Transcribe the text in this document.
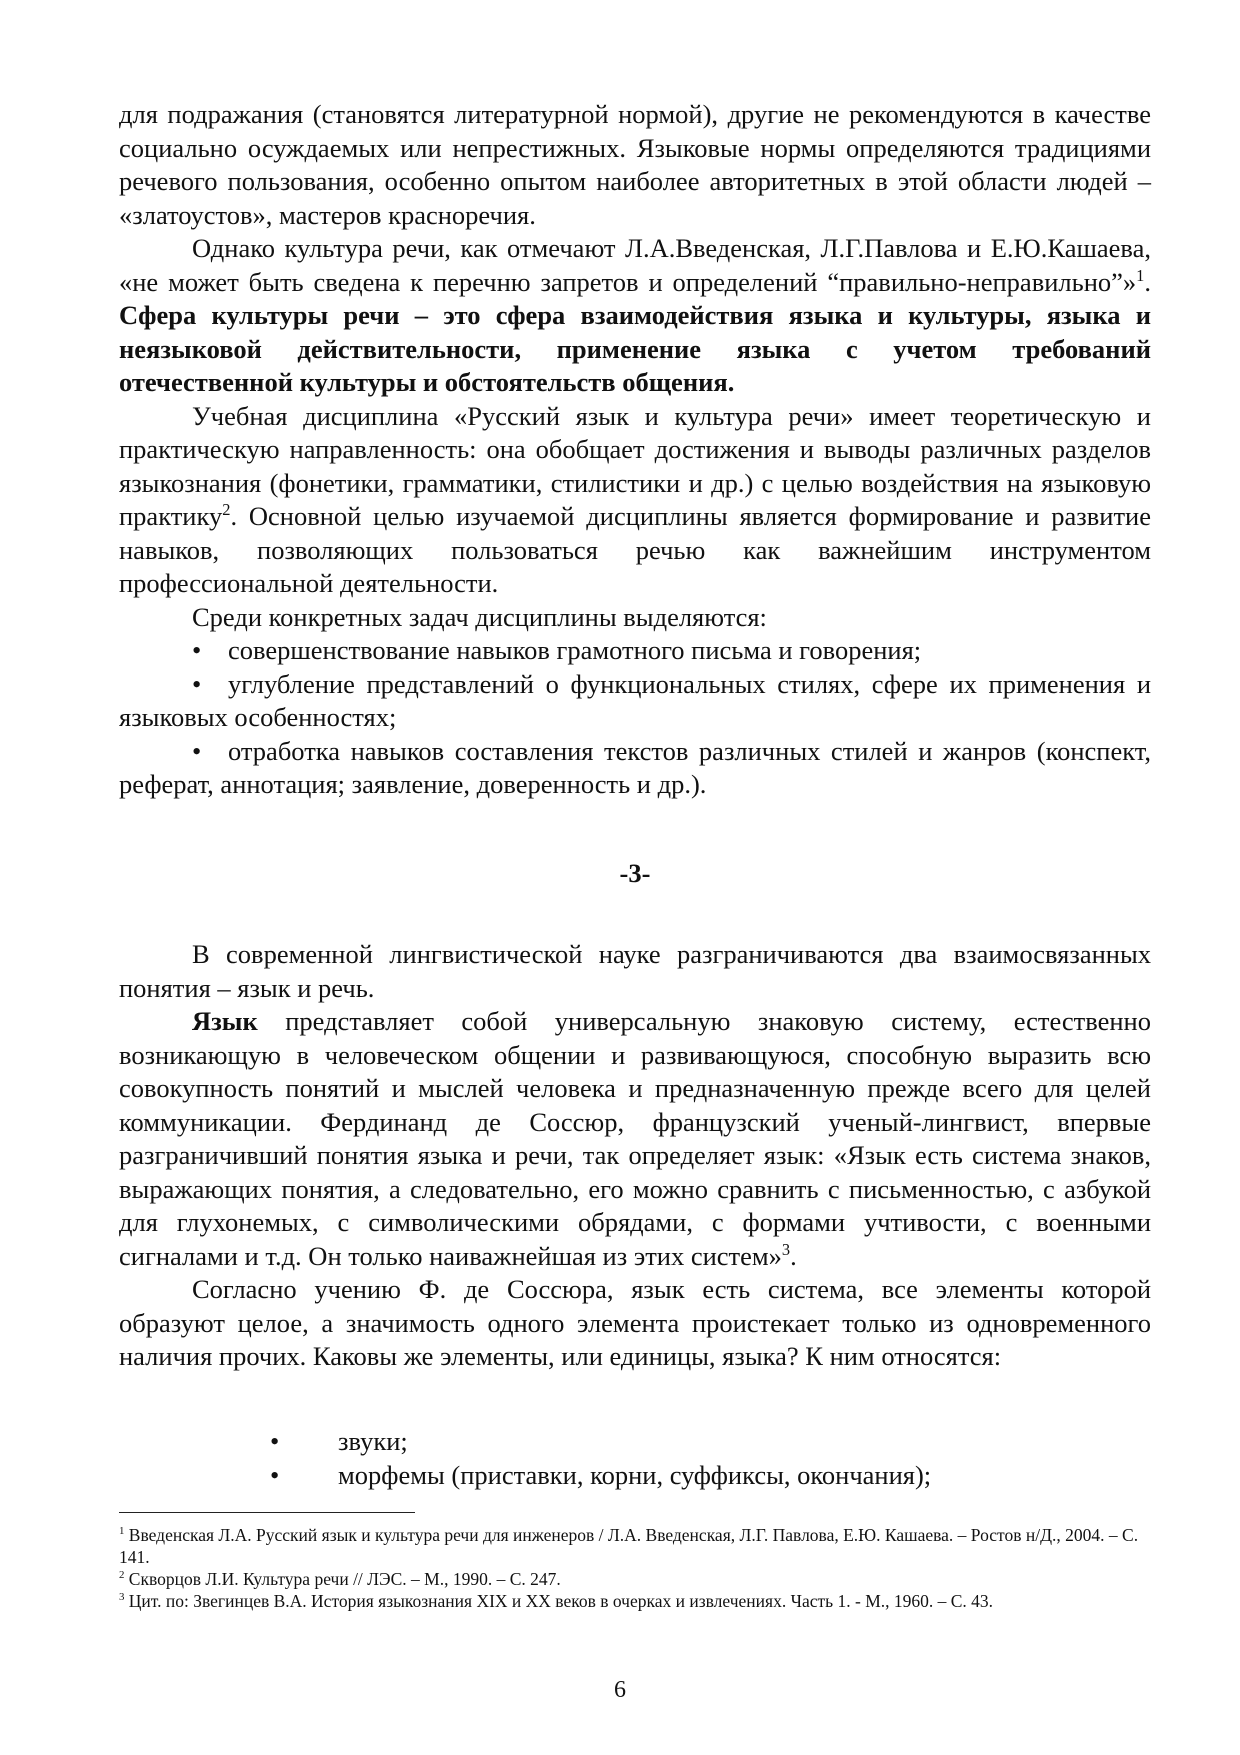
для подражания (становятся литературной нормой), другие не рекомендуются в качестве социально осуждаемых или непрестижных. Языковые нормы определяются традициями речевого пользования, особенно опытом наиболее авторитетных в этой области людей – «златоустов», мастеров красноречия.

Однако культура речи, как отмечают Л.А.Введенская, Л.Г.Павлова и Е.Ю.Кашаева, «не может быть сведена к перечню запретов и определений “правильно-неправильно”»$^1$. Сфера культуры речи – это сфера взаимодействия языка и культуры, языка и неязыковой действительности, применение языка с учетом требований отечественной культуры и обстоятельств общения.

Учебная дисциплина «Русский язык и культура речи» имеет теоретическую и практическую направленность: она обобщает достижения и выводы различных разделов языкознания (фонетики, грамматики, стилистики и др.) с целью воздействия на языковую практику$^2$. Основной целью изучаемой дисциплины является формирование и развитие навыков, позволяющих пользоваться речью как важнейшим инструментом профессиональной деятельности.

Среди конкретных задач дисциплины выделяются:

• совершенствование навыков грамотного письма и говорения;

• углубление представлений о функциональных стилях, сфере их применения и языковых особенностях;

• отработка навыков составления текстов различных стилей и жанров (конспект, реферат, аннотация; заявление, доверенность и др.).

-3-

В современной лингвистической науке разграничиваются два взаимосвязанных понятия – язык и речь.

Язык представляет собой универсальную знаковую систему, естественно возникающую в человеческом общении и развивающуюся, способную выразить всю совокупность понятий и мыслей человека и предназначенную прежде всего для целей коммуникации. Фердинанд де Соссюр, французский ученый-лингвист, впервые разграничивший понятия языка и речи, так определяет язык: «Язык есть система знаков, выражающих понятия, а следовательно, его можно сравнить с письменностью, с азбукой для глухонемых, с символическими обрядами, с формами учтивости, с военными сигналами и т.д. Он только наиважнейшая из этих систем»$^3$.

Согласно учению Ф. де Соссюра, язык есть система, все элементы которой образуют целое, а значимость одного элемента проистекает только из одновременного наличия прочих. Каковы же элементы, или единицы, языка? К ним относятся:

• звуки;
• морфемы (приставки, корни, суффиксы, окончания);

$^1$ Введенская Л.А. Русский язык и культура речи для инженеров / Л.А. Введенская, Л.Г. Павлова, Е.Ю. Кашаева. – Ростов н/Д., 2004. – С. 141.

$^2$ Скворцов Л.И. Культура речи // ЛЭС. – М., 1990. – С. 247.

$^3$ Цит. по: Звегинцев В.А. История языкознания XIX и XX веков в очерках и извлечениях. Часть 1. - М., 1960. – С. 43.

6
